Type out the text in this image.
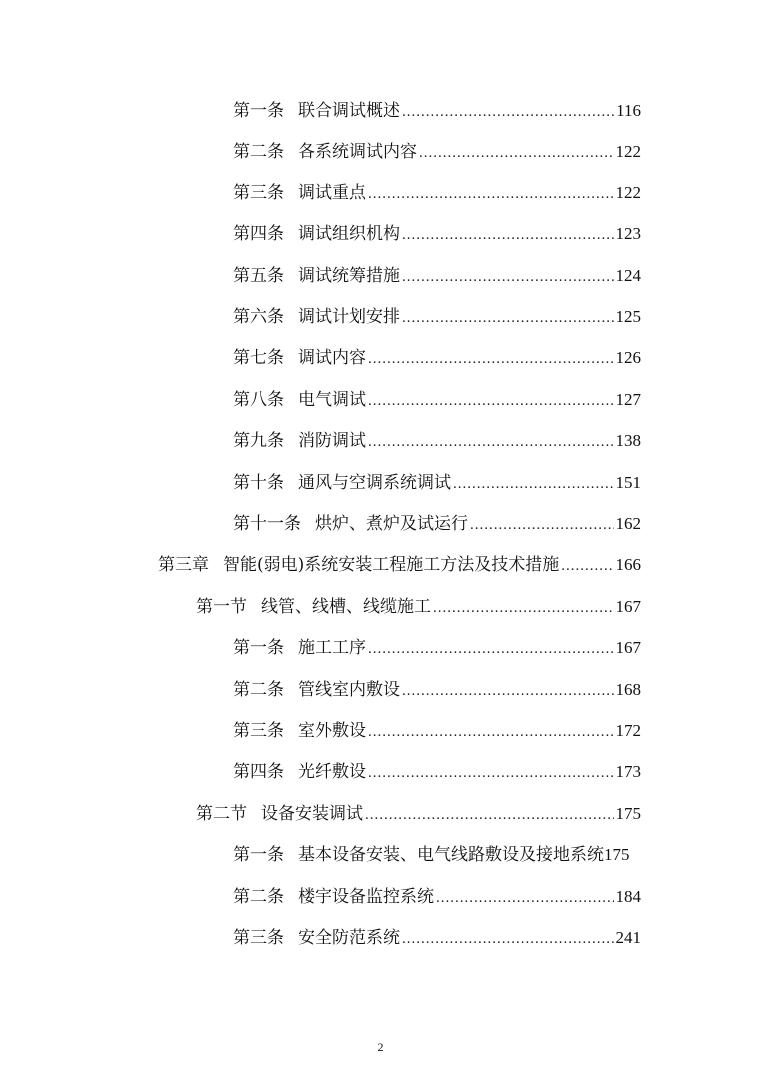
第一条 联合调试概述 .....	116
第二条 各系统调试内容 .....	122
第三条 调试重点 .....	122
第四条 调试组织机构 .....	123
第五条 调试统筹措施 .....	124
第六条 调试计划安排 .....	125
第七条 调试内容 .....	126
第八条 电气调试 .....	127
第九条 消防调试 .....	138
第十条 通风与空调系统调试 .....	151
第十一条 烘炉、煮炉及试运行 .....	162
第三章 智能(弱电)系统安装工程施工方法及技术措施 .....	166
第一节 线管、线槽、线缆施工 .....	167
第一条 施工工序 .....	167
第二条 管线室内敷设 .....	168
第三条 室外敷设 .....	172
第四条 光纤敷设 .....	173
第二节 设备安装调试 .....	175
第一条 基本设备安装、电气线路敷设及接地系统 175
第二条 楼宇设备监控系统 .....	184
第三条 安全防范系统 .....	241
2
